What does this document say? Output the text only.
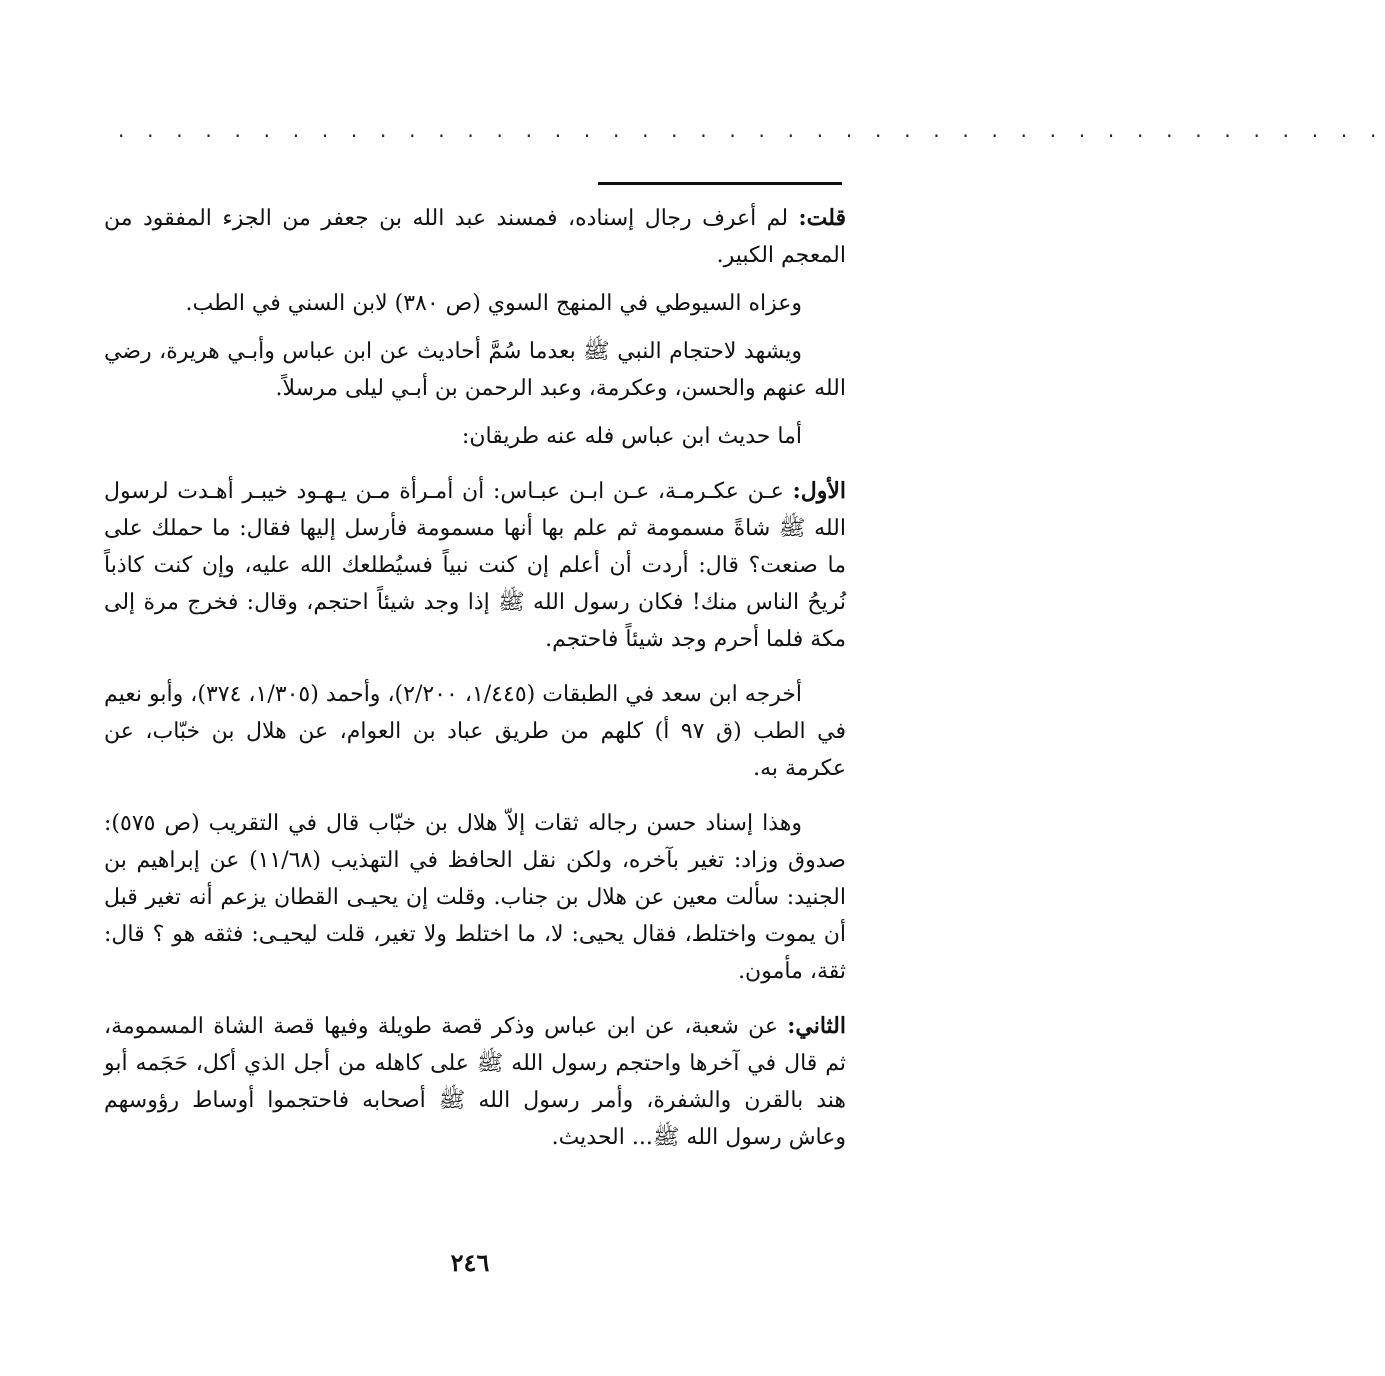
. . . . . . . . . . . . . . . . . . . . . . . . . . . . . . . . . . . . . . . . . . . .

قلت: لم أعرف رجال إسناده، فمسند عبد الله بن جعفر من الجزء المفقود من المعجم الكبير.

وعزاه السيوطي في المنهج السوي (ص ٣٨٠) لابن السني في الطب.

ويشهد لاحتجام النبي ﷺ بعدما سُمَّ أحاديث عن ابن عباس وأبـي هريرة، رضي الله عنهم والحسن، وعكرمة، وعبد الرحمن بن أبـي ليلى مرسلاً.

أما حديث ابن عباس فله عنه طريقان:

الأول: عـن عكـرمـة، عـن ابـن عبـاس: أن أمـرأة مـن يـهـود خيبـر أهـدت لرسول الله ﷺ شاةً مسمومة ثم علم بها أنها مسمومة فأرسل إليها فقال: ما حملك على ما صنعت؟ قال: أردت أن أعلم إن كنت نبياً فسيُطلعك الله عليه، وإن كنت كاذباً نُريحُ الناس منك! فكان رسول الله ﷺ إذا وجد شيئاً احتجم، وقال: فخرج مرة إلى مكة فلما أحرم وجد شيئاً فاحتجم.

أخرجه ابن سعد في الطبقات (١/٤٤٥، ٢/٢٠٠)، وأحمد (١/٣٠٥، ٣٧٤)، وأبو نعيم في الطب (ق ٩٧ أ) كلهم من طريق عباد بن العوام، عن هلال بن خبّاب، عن عكرمة به.

وهذا إسناد حسن رجاله ثقات إلاّ هلال بن خبّاب قال في التقريب (ص ٥٧٥): صدوق وزاد: تغير بآخره، ولكن نقل الحافظ في التهذيب (١١/٦٨) عن إبراهيم بن الجنيد: سألت معين عن هلال بن جناب. وقلت إن يحيـى القطان يزعم أنه تغير قبل أن يموت واختلط، فقال يحيى: لا، ما اختلط ولا تغير، قلت ليحيـى: فثقه هو ؟ قال: ثقة، مأمون.

الثاني: عن شعبة، عن ابن عباس وذكر قصة طويلة وفيها قصة الشاة المسمومة، ثم قال في آخرها واحتجم رسول الله ﷺ على كاهله من أجل الذي أكل، حَجَمه أبو هند بالقرن والشفرة، وأمر رسول الله ﷺ أصحابه فاحتجموا أوساط رؤوسهم وعاش رسول الله ﷺ... الحديث.

٢٤٦
